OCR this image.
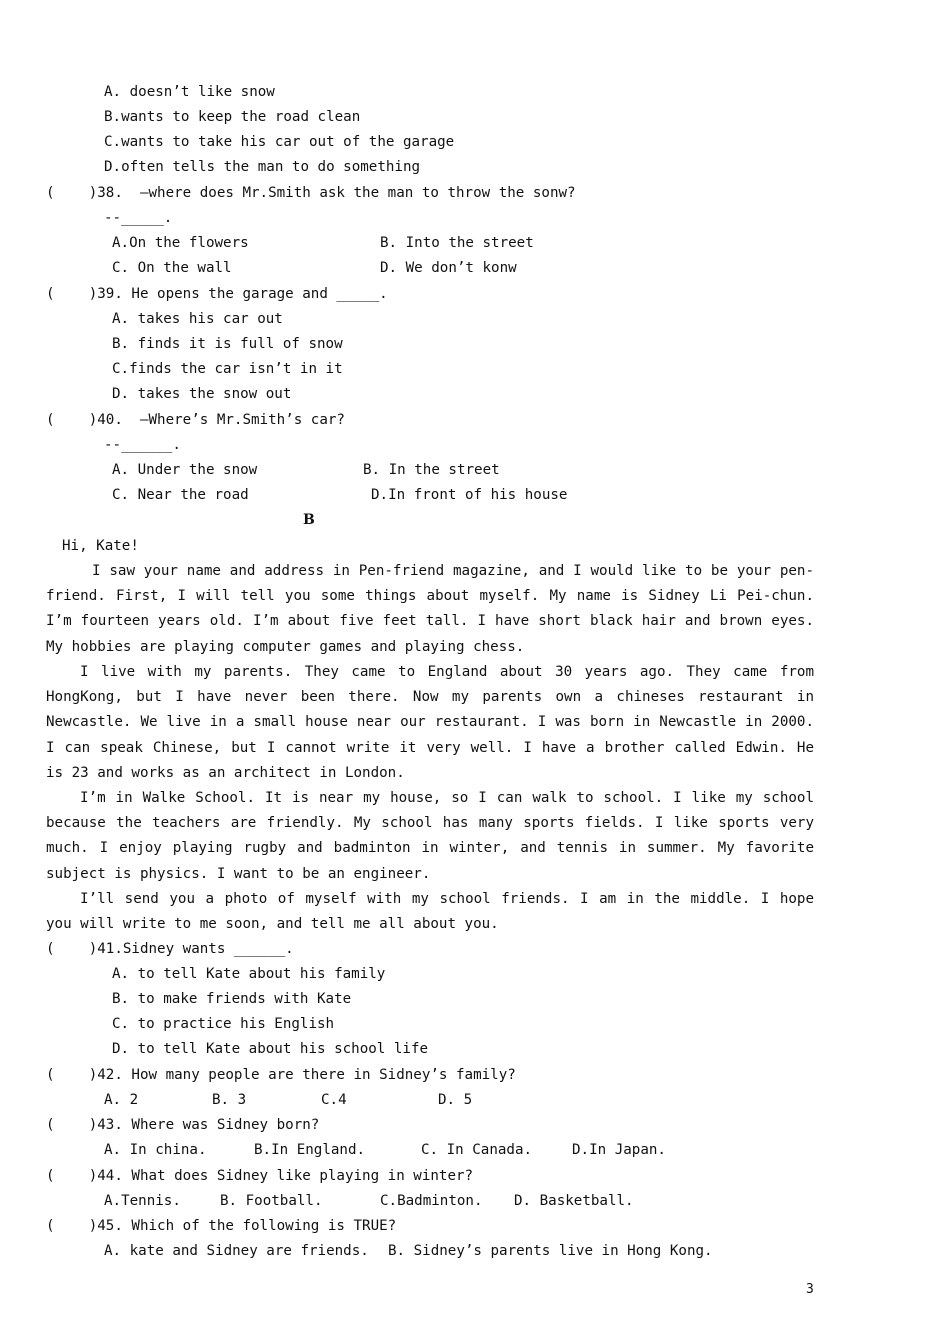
A. doesn’t like snow
B.wants to keep the road clean
C.wants to take his car out of the garage
D.often tells the man to do something
(    )38.  –where does Mr.Smith ask the man to throw the sonw?
--_____.
A.On the flowers	B. Into the street
C. On the wall	D. We don’t konw
(    )39. He opens the garage and _____.
A. takes his car out
B. finds it is full of snow
C.finds the car isn’t in it
D. takes the snow out
(    )40.  –Where’s Mr.Smith’s car?
--______.
A. Under the snow	B. In the street
C. Near the road	D.In front of his house
B
Hi, Kate!
I saw your name and address in Pen-friend magazine, and I would like to be your pen-friend. First, I will tell you some things about myself. My name is Sidney Li Pei-chun. I’m fourteen years old. I’m about five feet tall. I have short black hair and brown eyes. My hobbies are playing computer games and playing chess.
I live with my parents. They came to England about 30 years ago. They came from HongKong, but I have never been there. Now my parents own a chineses restaurant in Newcastle. We live in a small house near our restaurant. I was born in Newcastle in 2000. I can speak Chinese, but I cannot write it very well. I have a brother called Edwin. He is 23 and works as an architect in London.
I’m in Walke School. It is near my house, so I can walk to school. I like my school because the teachers are friendly. My school has many sports fields. I like sports very much. I enjoy playing rugby and badminton in winter, and tennis in summer. My favorite subject is physics. I want to be an engineer.
I’ll send you a photo of myself with my school friends. I am in the middle. I hope you will write to me soon, and tell me all about you.
(    )41.Sidney wants ______.
A. to tell Kate about his family
B. to make friends with Kate
C. to practice his English
D. to tell Kate about his school life
(    )42. How many people are there in Sidney’s family?
A. 2	B. 3	C.4	D. 5
(    )43. Where was Sidney born?
A. In china.	B.In England.	C. In Canada.	D.In Japan.
(    )44. What does Sidney like playing in winter?
A.Tennis.	B. Football.	C.Badminton. D. Basketball.
(    )45. Which of the following is TRUE?
A. kate and Sidney are friends. B. Sidney’s parents live in Hong Kong.
3
